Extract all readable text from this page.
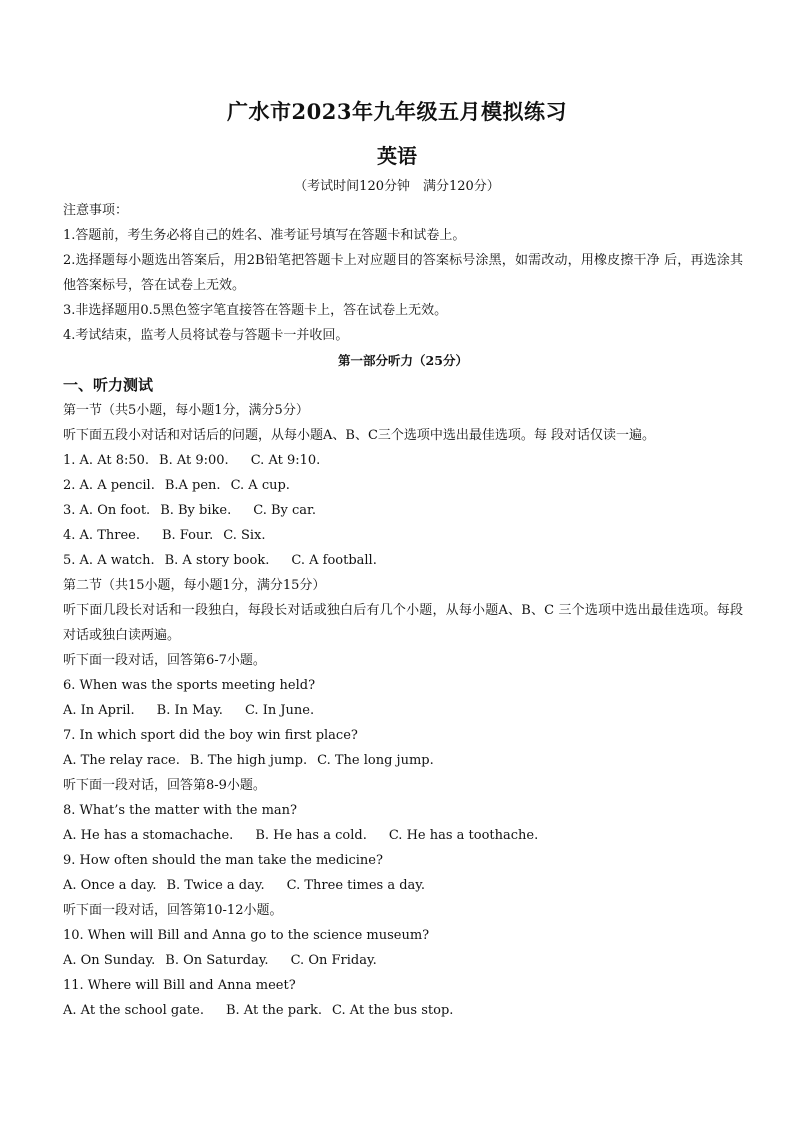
广水市2023年九年级五月模拟练习
英语
（考试时间120分钟　满分120分）
注意事项：
1.答题前，考生务必将自己的姓名、准考证号填写在答题卡和试卷上。
2.选择题每小题选出答案后，用2B铅笔把答题卡上对应题目的答案标号涂黑，如需改动，用橡皮擦干净 后，再选涂其他答案标号，答在试卷上无效。
3.非选择题用0.5黑色签字笔直接答在答题卡上，答在试卷上无效。
4.考试结束，监考人员将试卷与答题卡一并收回。
第一部分听力（25分）
一、听力测试
第一节（共5小题，每小题1分，满分5分）
听下面五段小对话和对话后的问题，从每小题A、B、C三个选项中选出最佳选项。每 段对话仅读一遍。
1. A. At 8:50. B. At 9:00. C. At 9:10.
2. A. A pencil. B.A pen. C. A cup.
3. A. On foot. B. By bike. C. By car.
4. A. Three. B. Four. C. Six.
5. A. A watch. B. A story book. C. A football.
第二节（共15小题，每小题1分，满分15分）
听下面几段长对话和一段独白，每段长对话或独白后有几个小题，从每小题A、B、C 三个选项中选出最佳选项。每段对话或独白读两遍。
听下面一段对话，回答第6-7小题。
6. When was the sports meeting held?
A. In April. B. In May. C. In June.
7. In which sport did the boy win first place?
A. The relay race. B. The high jump. C. The long jump.
听下面一段对话，回答第8-9小题。
8. What’s the matter with the man?
A. He has a stomachache. B. He has a cold. C. He has a toothache.
9. How often should the man take the medicine?
A. Once a day. B. Twice a day. C. Three times a day.
听下面一段对话，回答第10-12小题。
10. When will Bill and Anna go to the science museum?
A. On Sunday. B. On Saturday. C. On Friday.
11. Where will Bill and Anna meet?
A. At the school gate. B. At the park. C. At the bus stop.
